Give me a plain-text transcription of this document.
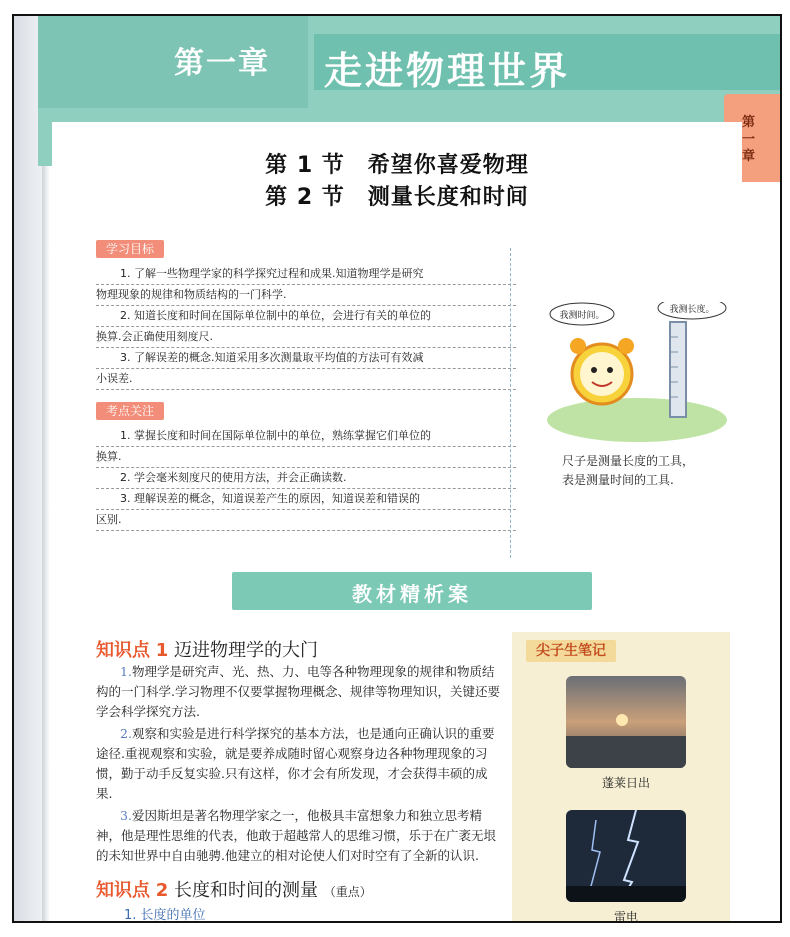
第一章 走进物理世界
第一章
第 1 节　希望你喜爱物理
第 2 节　测量长度和时间
学习目标

1. 了解一些物理学家的科学探究过程和成果.知道物理学是研究

物理现象的规律和物质结构的一门科学.

2. 知道长度和时间在国际单位制中的单位，会进行有关的单位的

换算.会正确使用刻度尺.

3. 了解误差的概念.知道采用多次测量取平均值的方法可有效减

小误差.

考点关注

1. 掌握长度和时间在国际单位制中的单位，熟练掌握它们单位的

换算.

2. 学会毫米刻度尺的使用方法，并会正确读数.

3. 理解误差的概念，知道误差产生的原因，知道误差和错误的

区别.

我测时间。
我测长度。
尺子是测量长度的工具，
表是测量时间的工具.
教材精析案
知识点 1 迈进物理学的大门

1.物理学是研究声、光、热、力、电等各种物理现象的规律和物质结构的一门科学.学习物理不仅要掌握物理概念、规律等物理知识，关键还要学会科学探究方法.

2.观察和实验是进行科学探究的基本方法，也是通向正确认识的重要途径.重视观察和实验，就是要养成随时留心观察身边各种物理现象的习惯，勤于动手反复实验.只有这样，你才会有所发现，才会获得丰硕的成果.

3.爱因斯坦是著名物理学家之一，他极具丰富想象力和独立思考精神，他是理性思维的代表，他敢于超越常人的思维习惯，乐于在广袤无垠的未知世界中自由驰骋.他建立的相对论使人们对时空有了全新的认识.

知识点 2 长度和时间的测量 （重点）
1. 长度的单位
尖子生笔记
蓬莱日出
雷电
